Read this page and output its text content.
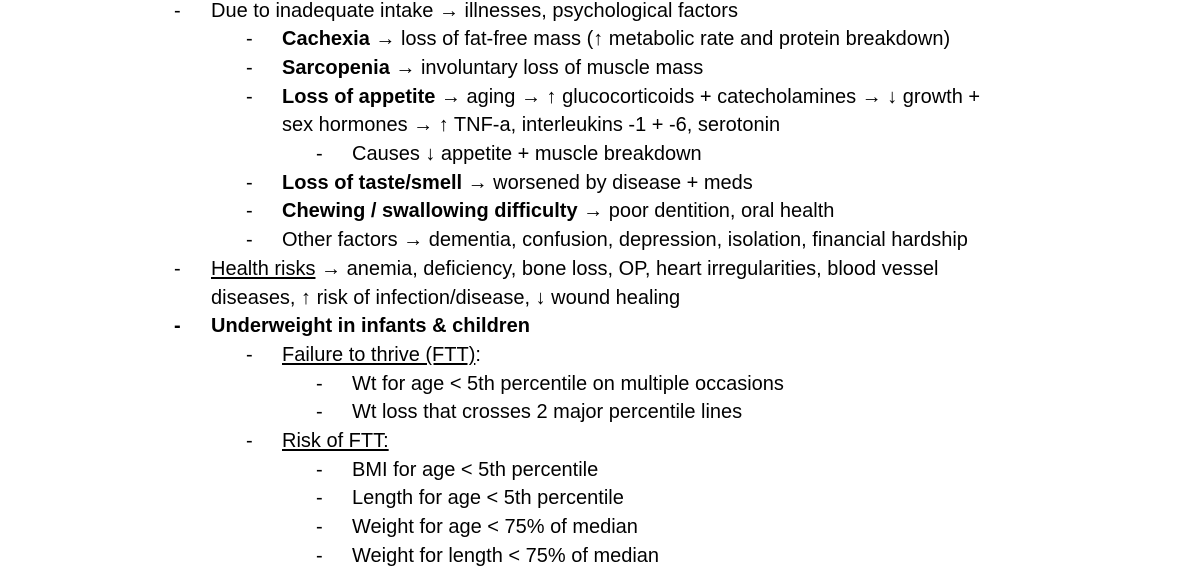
- Due to inadequate intake → illnesses, psychological factors
- Cachexia → loss of fat-free mass (↑ metabolic rate and protein breakdown)
- Sarcopenia → involuntary loss of muscle mass
- Loss of appetite → aging → ↑ glucocorticoids + catecholamines → ↓ growth +
sex hormones → ↑ TNF-a, interleukins -1 + -6, serotonin
- Causes ↓ appetite + muscle breakdown
- Loss of taste/smell → worsened by disease + meds
- Chewing / swallowing difficulty → poor dentition, oral health
- Other factors → dementia, confusion, depression, isolation, financial hardship
- Health risks → anemia, deficiency, bone loss, OP, heart irregularities, blood vessel
diseases, ↑ risk of infection/disease, ↓ wound healing
- Underweight in infants & children
- Failure to thrive (FTT):
- Wt for age < 5th percentile on multiple occasions
- Wt loss that crosses 2 major percentile lines
- Risk of FTT:
- BMI for age < 5th percentile
- Length for age < 5th percentile
- Weight for age < 75% of median
- Weight for length < 75% of median
